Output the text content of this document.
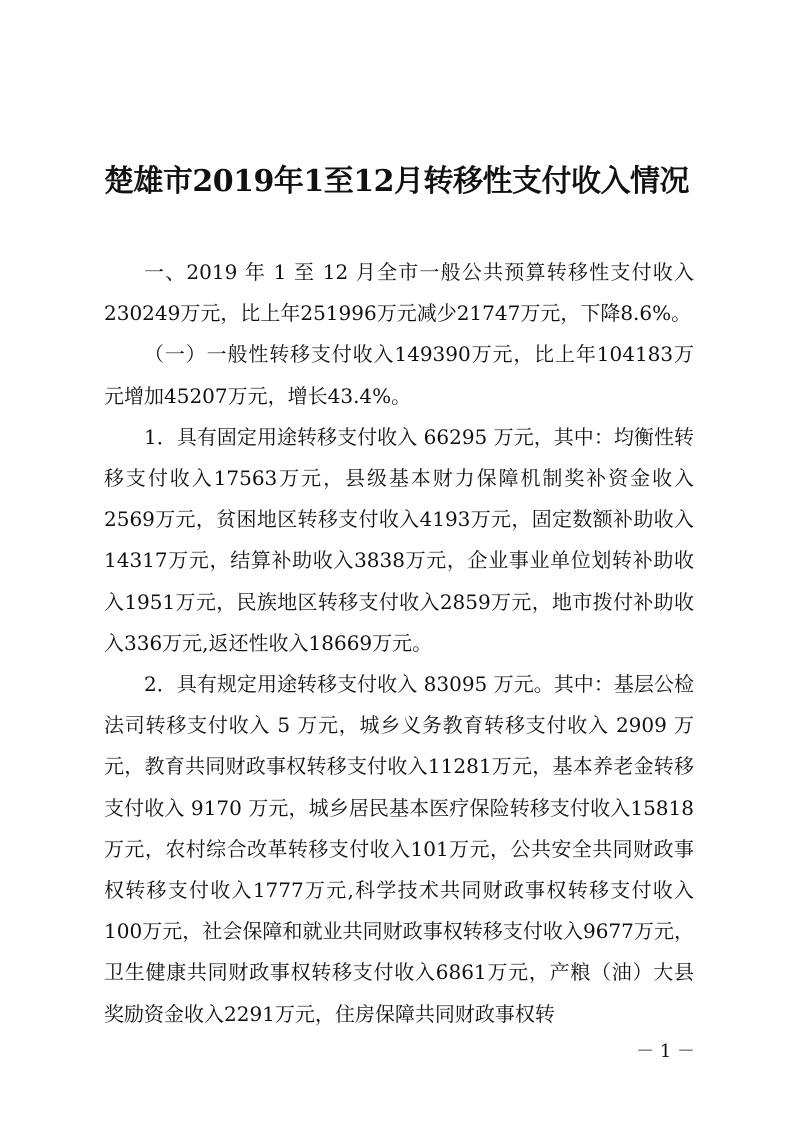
楚雄市2019年1至12月转移性支付收入情况

一、2019 年 1 至 12 月全市一般公共预算转移性支付收入230249万元，比上年251996万元减少21747万元，下降8.6%。

（一）一般性转移支付收入149390万元，比上年104183万元增加45207万元，增长43.4%。

1．具有固定用途转移支付收入 66295 万元，其中：均衡性转移支付收入17563万元，县级基本财力保障机制奖补资金收入2569万元，贫困地区转移支付收入4193万元，固定数额补助收入14317万元，结算补助收入3838万元，企业事业单位划转补助收入1951万元，民族地区转移支付收入2859万元，地市拨付补助收入336万元,返还性收入18669万元。

2．具有规定用途转移支付收入 83095 万元。其中：基层公检法司转移支付收入 5 万元，城乡义务教育转移支付收入 2909 万元，教育共同财政事权转移支付收入11281万元，基本养老金转移支付收入 9170 万元，城乡居民基本医疗保险转移支付收入15818万元，农村综合改革转移支付收入101万元，公共安全共同财政事权转移支付收入1777万元,科学技术共同财政事权转移支付收入100万元，社会保障和就业共同财政事权转移支付收入9677万元，卫生健康共同财政事权转移支付收入6861万元，产粮（油）大县奖励资金收入2291万元，住房保障共同财政事权转

－ 1 －
